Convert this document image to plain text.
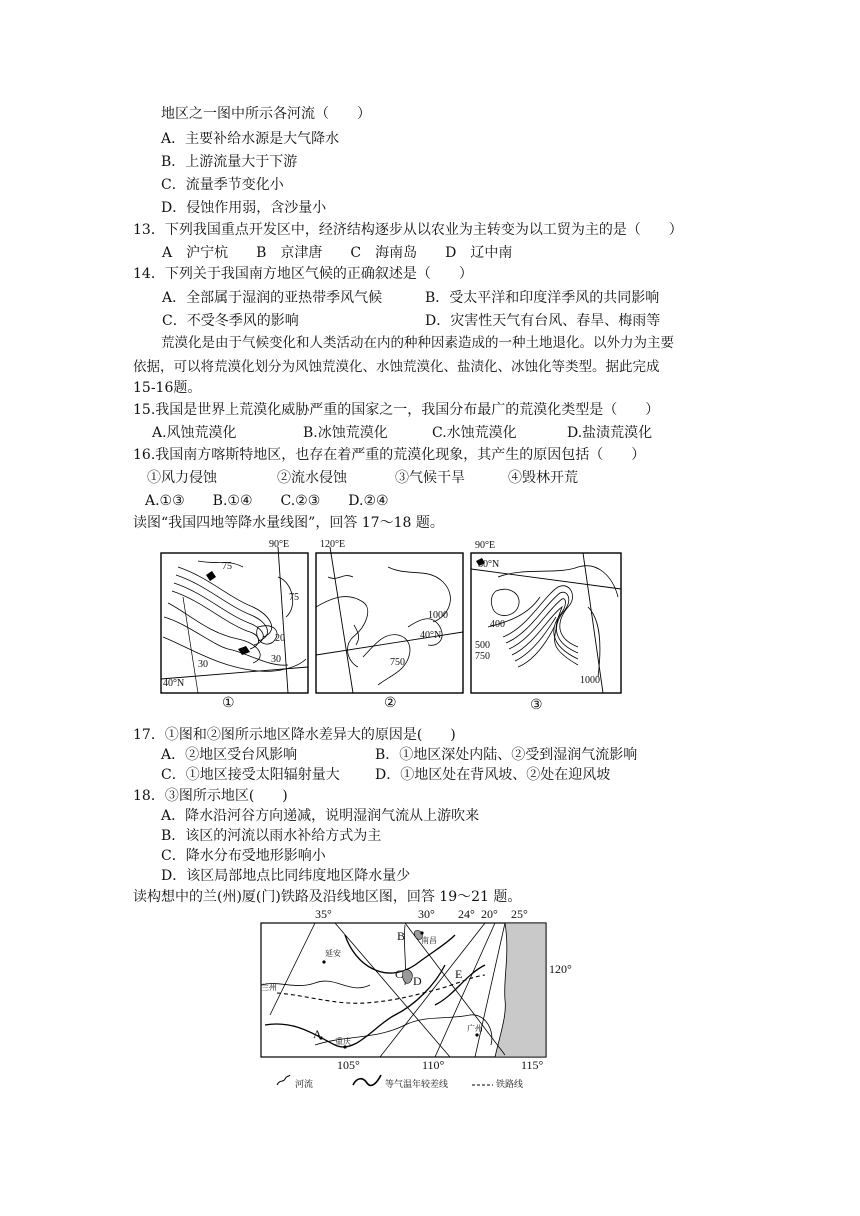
地区之一图中所示各河流（　　）
A．主要补给水源是大气降水
B．上游流量大于下游
C．流量季节变化小
D．侵蚀作用弱，含沙量小
13．下列我国重点开发区中，经济结构逐步从以农业为主转变为以工贸为主的是（　　）
A　沪宁杭　　B　京津唐　　C　海南岛　　D　辽中南
14．下列关于我国南方地区气候的正确叙述是（　　）
A．全部属于湿润的亚热带季风气候	B．受太平洋和印度洋季风的共同影响
C．不受冬季风的影响	D．灾害性天气有台风、春旱、梅雨等
荒漠化是由于气候变化和人类活动在内的种种因素造成的一种土地退化。以外力为主要
依据，可以将荒漠化划分为风蚀荒漠化、水蚀荒漠化、盐渍化、冰蚀化等类型。据此完成
15-16题。
15.我国是世界上荒漠化威胁严重的国家之一，我国分布最广的荒漠化类型是（　　）
A.风蚀荒漠化	B.冰蚀荒漠化	C.水蚀荒漠化	D.盐渍荒漠化
16.我国南方喀斯特地区，也存在着严重的荒漠化现象，其产生的原因包括（　　）
①风力侵蚀	②流水侵蚀	③气候干旱	④毁林开荒
A.①③　　B.①④　　C.②③　　D.②④
读图“我国四地等降水量线图”，回答 17～18 题。
90°E
75
75
20
30	30
40°N
①
120°E
1000
40°N
750
②
90°E
30°N
400
500
750
1000
③
17．①图和②图所示地区降水差异大的原因是(　　)
A．②地区受台风影响	B．①地区深处内陆、②受到湿润气流影响
C．①地区接受太阳辐射量大	D．①地区处在背风坡、②处在迎风坡
18．③图所示地区(　　)
A．降水沿河谷方向递减，说明湿润气流从上游吹来
B．该区的河流以雨水补给方式为主
C．降水分布受地形影响小
D．该区局部地点比同纬度地区降水量少
读构想中的兰(州)厦(门)铁路及沿线地区图，回答 19～21 题。
35°	30° 24° 20° 25°
120°
105°	110°	115°
A
B
C D	E
延安
兰州
南昌
重庆
广州
河流	等气温年较差线	铁路线
